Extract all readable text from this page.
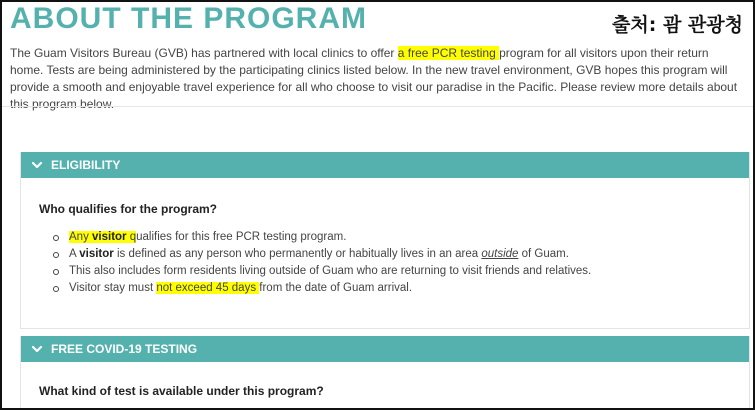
ABOUT THE PROGRAM	출처: 괌 관광청

The Guam Visitors Bureau (GVB) has partnered with local clinics to offer a free PCR testing program for all visitors upon their return home. Tests are being administered by the participating clinics listed below. In the new travel environment, GVB hopes this program will provide a smooth and enjoyable travel experience for all who choose to visit our paradise in the Pacific. Please review more details about this program below.

ELIGIBILITY

Who qualifies for the program?

Any visitor qualifies for this free PCR testing program.
A visitor is defined as any person who permanently or habitually lives in an area outside of Guam.
This also includes form residents living outside of Guam who are returning to visit friends and relatives.
Visitor stay must not exceed 45 days from the date of Guam arrival.
FREE COVID-19 TESTING

What kind of test is available under this program?
